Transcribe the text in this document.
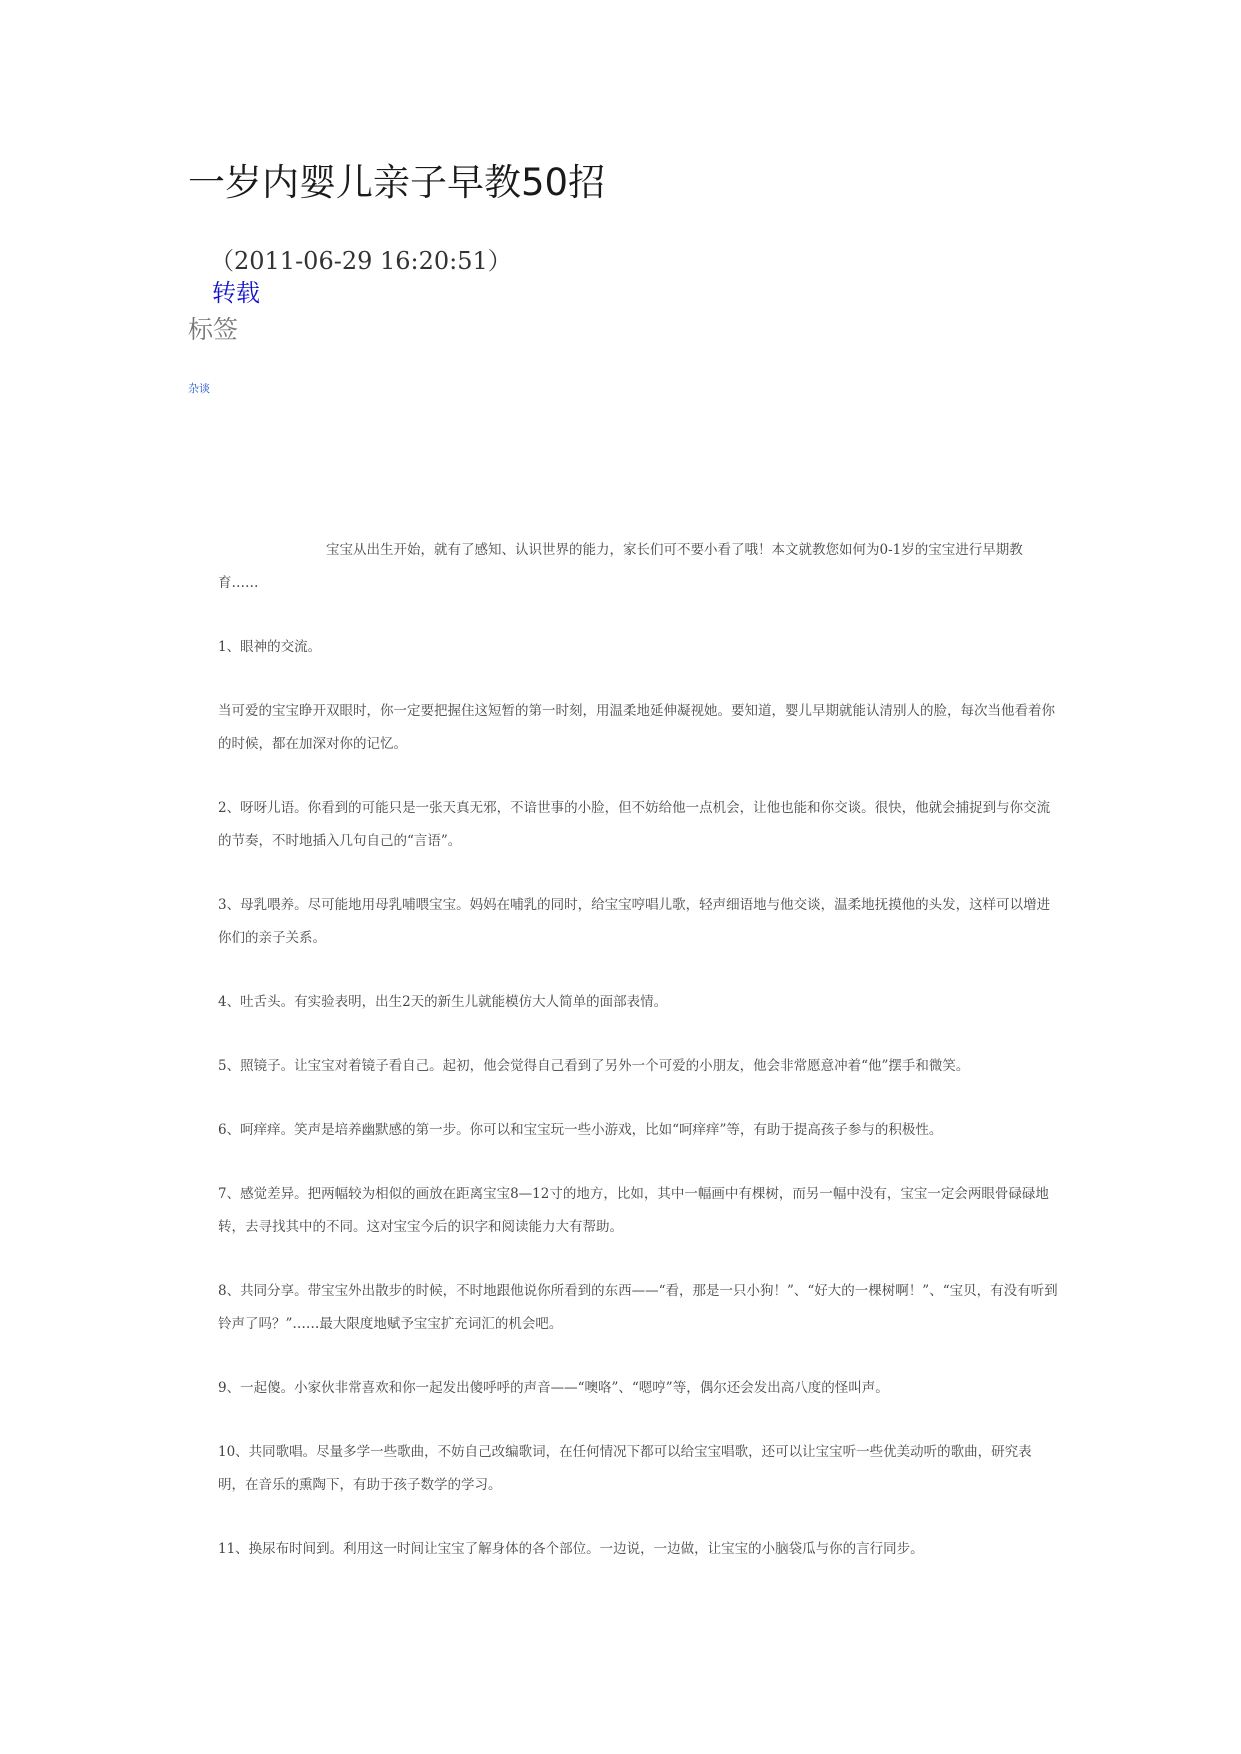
一岁内婴儿亲子早教50招
（2011-06-29 16:20:51）
转载
标签
杂谈

宝宝从出生开始，就有了感知、认识世界的能力，家长们可不要小看了哦！本文就教您如何为0-1岁的宝宝进行早期教育……

1、眼神的交流。

当可爱的宝宝睁开双眼时，你一定要把握住这短暂的第一时刻，用温柔地延伸凝视她。要知道，婴儿早期就能认清别人的脸，每次当他看着你的时候，都在加深对你的记忆。

2、呀呀儿语。你看到的可能只是一张天真无邪，不谙世事的小脸，但不妨给他一点机会，让他也能和你交谈。很快，他就会捕捉到与你交流的节奏，不时地插入几句自己的“言语”。

3、母乳喂养。尽可能地用母乳哺喂宝宝。妈妈在哺乳的同时，给宝宝哼唱儿歌，轻声细语地与他交谈，温柔地抚摸他的头发，这样可以增进你们的亲子关系。

4、吐舌头。有实验表明，出生2天的新生儿就能模仿大人简单的面部表情。

5、照镜子。让宝宝对着镜子看自己。起初，他会觉得自己看到了另外一个可爱的小朋友，他会非常愿意冲着“他”摆手和微笑。

6、呵痒痒。笑声是培养幽默感的第一步。你可以和宝宝玩一些小游戏，比如“呵痒痒”等，有助于提高孩子参与的积极性。

7、感觉差异。把两幅较为相似的画放在距离宝宝8—12寸的地方，比如，其中一幅画中有棵树，而另一幅中没有，宝宝一定会两眼骨碌碌地转，去寻找其中的不同。这对宝宝今后的识字和阅读能力大有帮助。

8、共同分享。带宝宝外出散步的时候，不时地跟他说你所看到的东西——“看，那是一只小狗！”、“好大的一棵树啊！”、“宝贝，有没有听到铃声了吗？”……最大限度地赋予宝宝扩充词汇的机会吧。

9、一起傻。小家伙非常喜欢和你一起发出傻呼呼的声音——“噢咯”、“嗯哼”等，偶尔还会发出高八度的怪叫声。

10、共同歌唱。尽量多学一些歌曲，不妨自己改编歌词，在任何情况下都可以给宝宝唱歌，还可以让宝宝听一些优美动听的歌曲，研究表明，在音乐的熏陶下，有助于孩子数学的学习。

11、换尿布时间到。利用这一时间让宝宝了解身体的各个部位。一边说，一边做，让宝宝的小脑袋瓜与你的言行同步。
